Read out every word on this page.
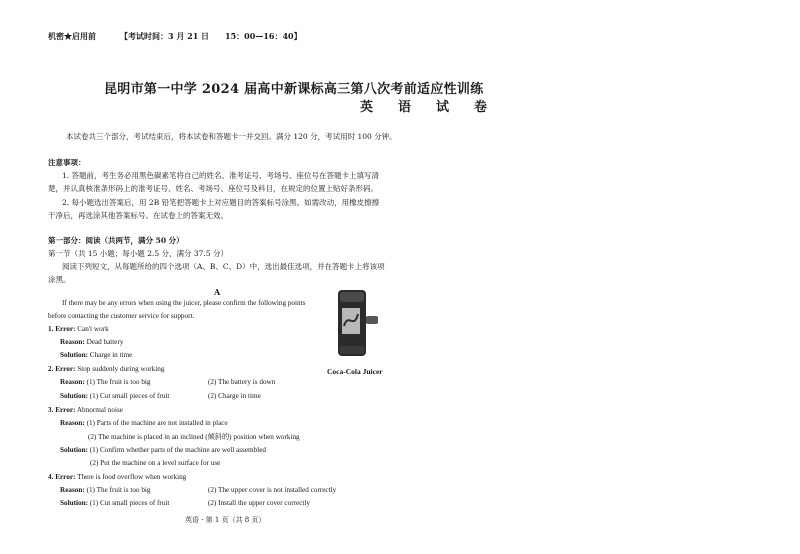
机密★启用前	【考试时间：3 月 21 日　　15：00—16：40】
昆明市第一中学 2024 届高中新课标高三第八次考前适应性训练
英　语　试　卷
本试卷共三个部分，考试结束后，将本试卷和答题卡一并交回。满分 120 分，考试用时 100 分钟。
注意事项：
1. 答题前，考生务必用黑色碳素笔将自己的姓名、准考证号、考场号、座位号在答题卡上填写清
楚，并认真核准条形码上的准考证号、姓名、考场号、座位号及科目，在规定的位置上贴好条形码。
2. 每小题选出答案后，用 2B 铅笔把答题卡上对应题目的答案标号涂黑。如需改动，用橡皮擦擦
干净后，再选涂其他答案标号。在试卷上的答案无效。
第一部分：阅读（共两节，满分 50 分）
第一节（共 15 小题；每小题 2.5 分，满分 37.5 分）
阅读下列短文，从每题所给的四个选项（A、B、C、D）中，选出最佳选项，并在答题卡上将该项
涂黑。
A
If there may be any errors when using the juicer, please confirm the following points
before contacting the customer service for support.
Coca-Cola Juicer
1. Error: Can't work
Reason: Dead battery
Solution: Charge in time
2. Error: Stop suddenly during working
Reason: (1) The fruit is too big	(2) The battery is down
Solution: (1) Cut small pieces of fruit	(2) Charge in time
3. Error: Abnormal noise
Reason: (1) Parts of the machine are not installed in place
(2) The machine is placed in an inclined (倾斜的) position when working
Solution: (1) Confirm whether parts of the machine are well assembled
(2) Put the machine on a level surface for use
4. Error: There is food overflow when working
Reason: (1) The fruit is too big	(2) The upper cover is not installed correctly
Solution: (1) Cut small pieces of fruit	(2) Install the upper cover correctly
英语 · 第 1 页（共 8 页）
